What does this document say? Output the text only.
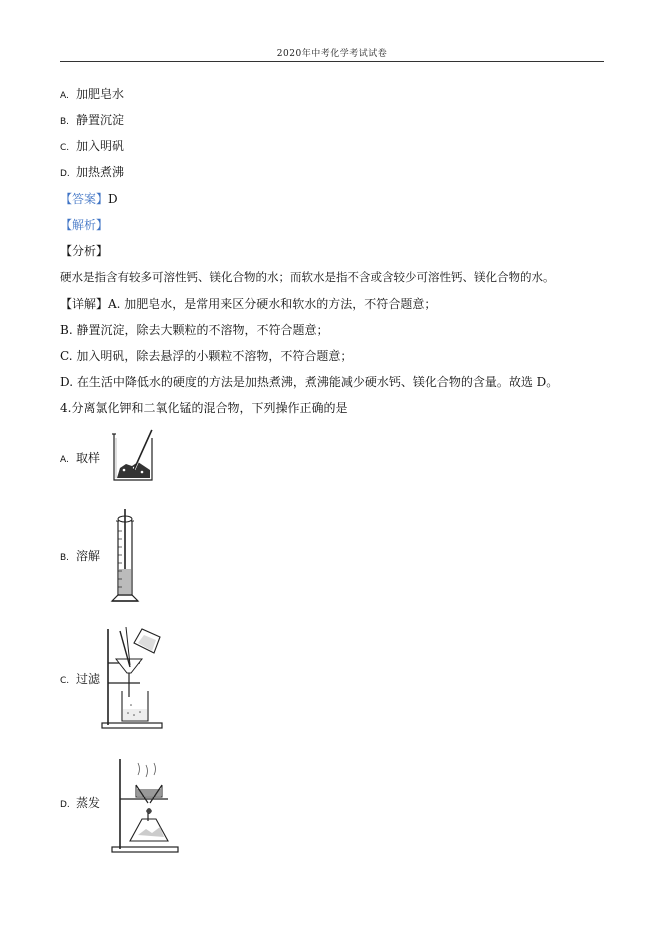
2020年中考化学考试试卷
A. 加肥皂水
B. 静置沉淀
C. 加入明矾
D. 加热煮沸
【答案】D
【解析】
【分析】
硬水是指含有较多可溶性钙、镁化合物的水；而软水是指不含或含较少可溶性钙、镁化合物的水。
【详解】A. 加肥皂水，是常用来区分硬水和软水的方法，不符合题意；
B. 静置沉淀，除去大颗粒的不溶物，不符合题意；
C. 加入明矾，除去悬浮的小颗粒不溶物，不符合题意；
D. 在生活中降低水的硬度的方法是加热煮沸，煮沸能减少硬水钙、镁化合物的含量。故选 D。
4.分离氯化钾和二氧化锰的混合物，下列操作正确的是
A. 取样
B. 溶解
C. 过滤
D. 蒸发
